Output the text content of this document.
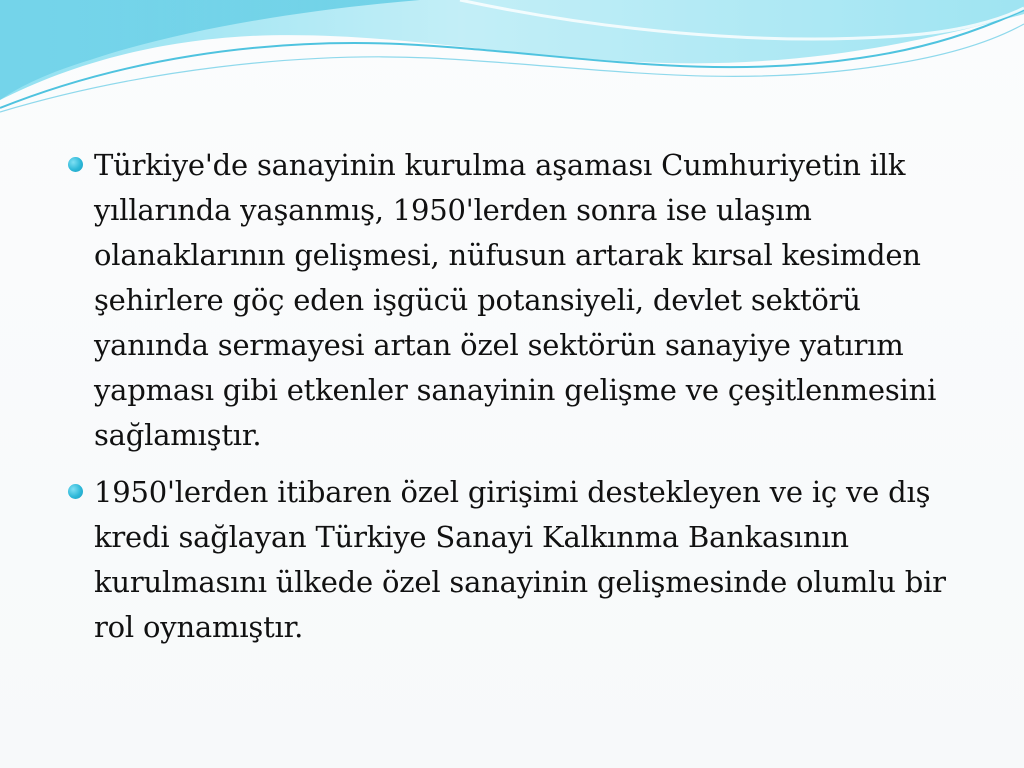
Türkiye'de sanayinin kurulma aşaması Cumhuriyetin ilk yıllarında yaşanmış, 1950'lerden sonra ise ulaşım olanaklarının gelişmesi, nüfusun artarak kırsal kesimden şehirlere göç eden işgücü potansiyeli, devlet sektörü yanında sermayesi artan özel sektörün sanayiye yatırım yapması gibi etkenler sanayinin gelişme ve çeşitlenmesini sağlamıştır.
1950'lerden itibaren özel girişimi destekleyen ve iç ve dış kredi sağlayan Türkiye Sanayi Kalkınma Bankasının kurulmasını ülkede özel sanayinin gelişmesinde olumlu bir rol oynamıştır.
